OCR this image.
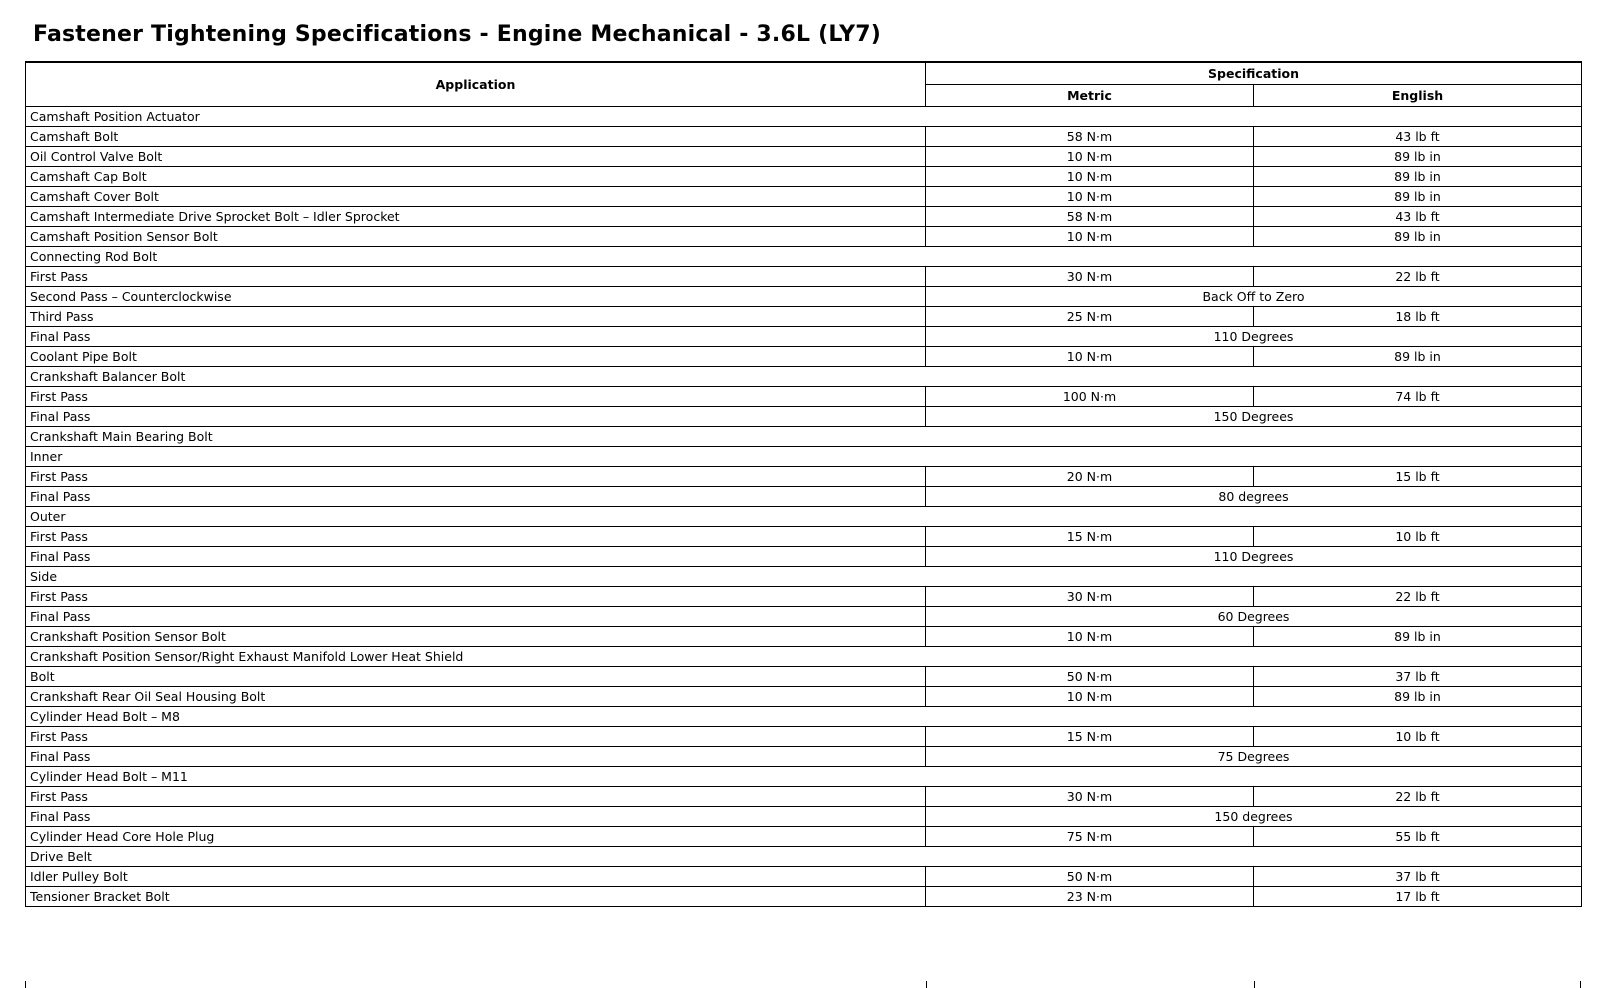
Fastener Tightening Specifications - Engine Mechanical - 3.6L (LY7)
Application	Specification	
	Metric	English
Camshaft Position Actuator		
Camshaft Bolt	58 N·m	43 lb ft
Oil Control Valve Bolt	10 N·m	89 lb in
Camshaft Cap Bolt	10 N·m	89 lb in
Camshaft Cover Bolt	10 N·m	89 lb in
Camshaft Intermediate Drive Sprocket Bolt – Idler Sprocket	58 N·m	43 lb ft
Camshaft Position Sensor Bolt	10 N·m	89 lb in
Connecting Rod Bolt		
First Pass	30 N·m	22 lb ft
Second Pass – Counterclockwise	Back Off to Zero	
Third Pass	25 N·m	18 lb ft
Final Pass	110 Degrees	
Coolant Pipe Bolt	10 N·m	89 lb in
Crankshaft Balancer Bolt		
First Pass	100 N·m	74 lb ft
Final Pass	150 Degrees	
Crankshaft Main Bearing Bolt		
Inner		
First Pass	20 N·m	15 lb ft
Final Pass	80 degrees	
Outer		
First Pass	15 N·m	10 lb ft
Final Pass	110 Degrees	
Side		
First Pass	30 N·m	22 lb ft
Final Pass	60 Degrees	
Crankshaft Position Sensor Bolt	10 N·m	89 lb in
Crankshaft Position Sensor/Right Exhaust Manifold Lower Heat Shield		
Bolt	50 N·m	37 lb ft
Crankshaft Rear Oil Seal Housing Bolt	10 N·m	89 lb in
Cylinder Head Bolt – M8		
First Pass	15 N·m	10 lb ft
Final Pass	75 Degrees	
Cylinder Head Bolt – M11		
First Pass	30 N·m	22 lb ft
Final Pass	150 degrees	
Cylinder Head Core Hole Plug	75 N·m	55 lb ft
Drive Belt		
Idler Pulley Bolt	50 N·m	37 lb ft
Tensioner Bracket Bolt	23 N·m	17 lb ft
